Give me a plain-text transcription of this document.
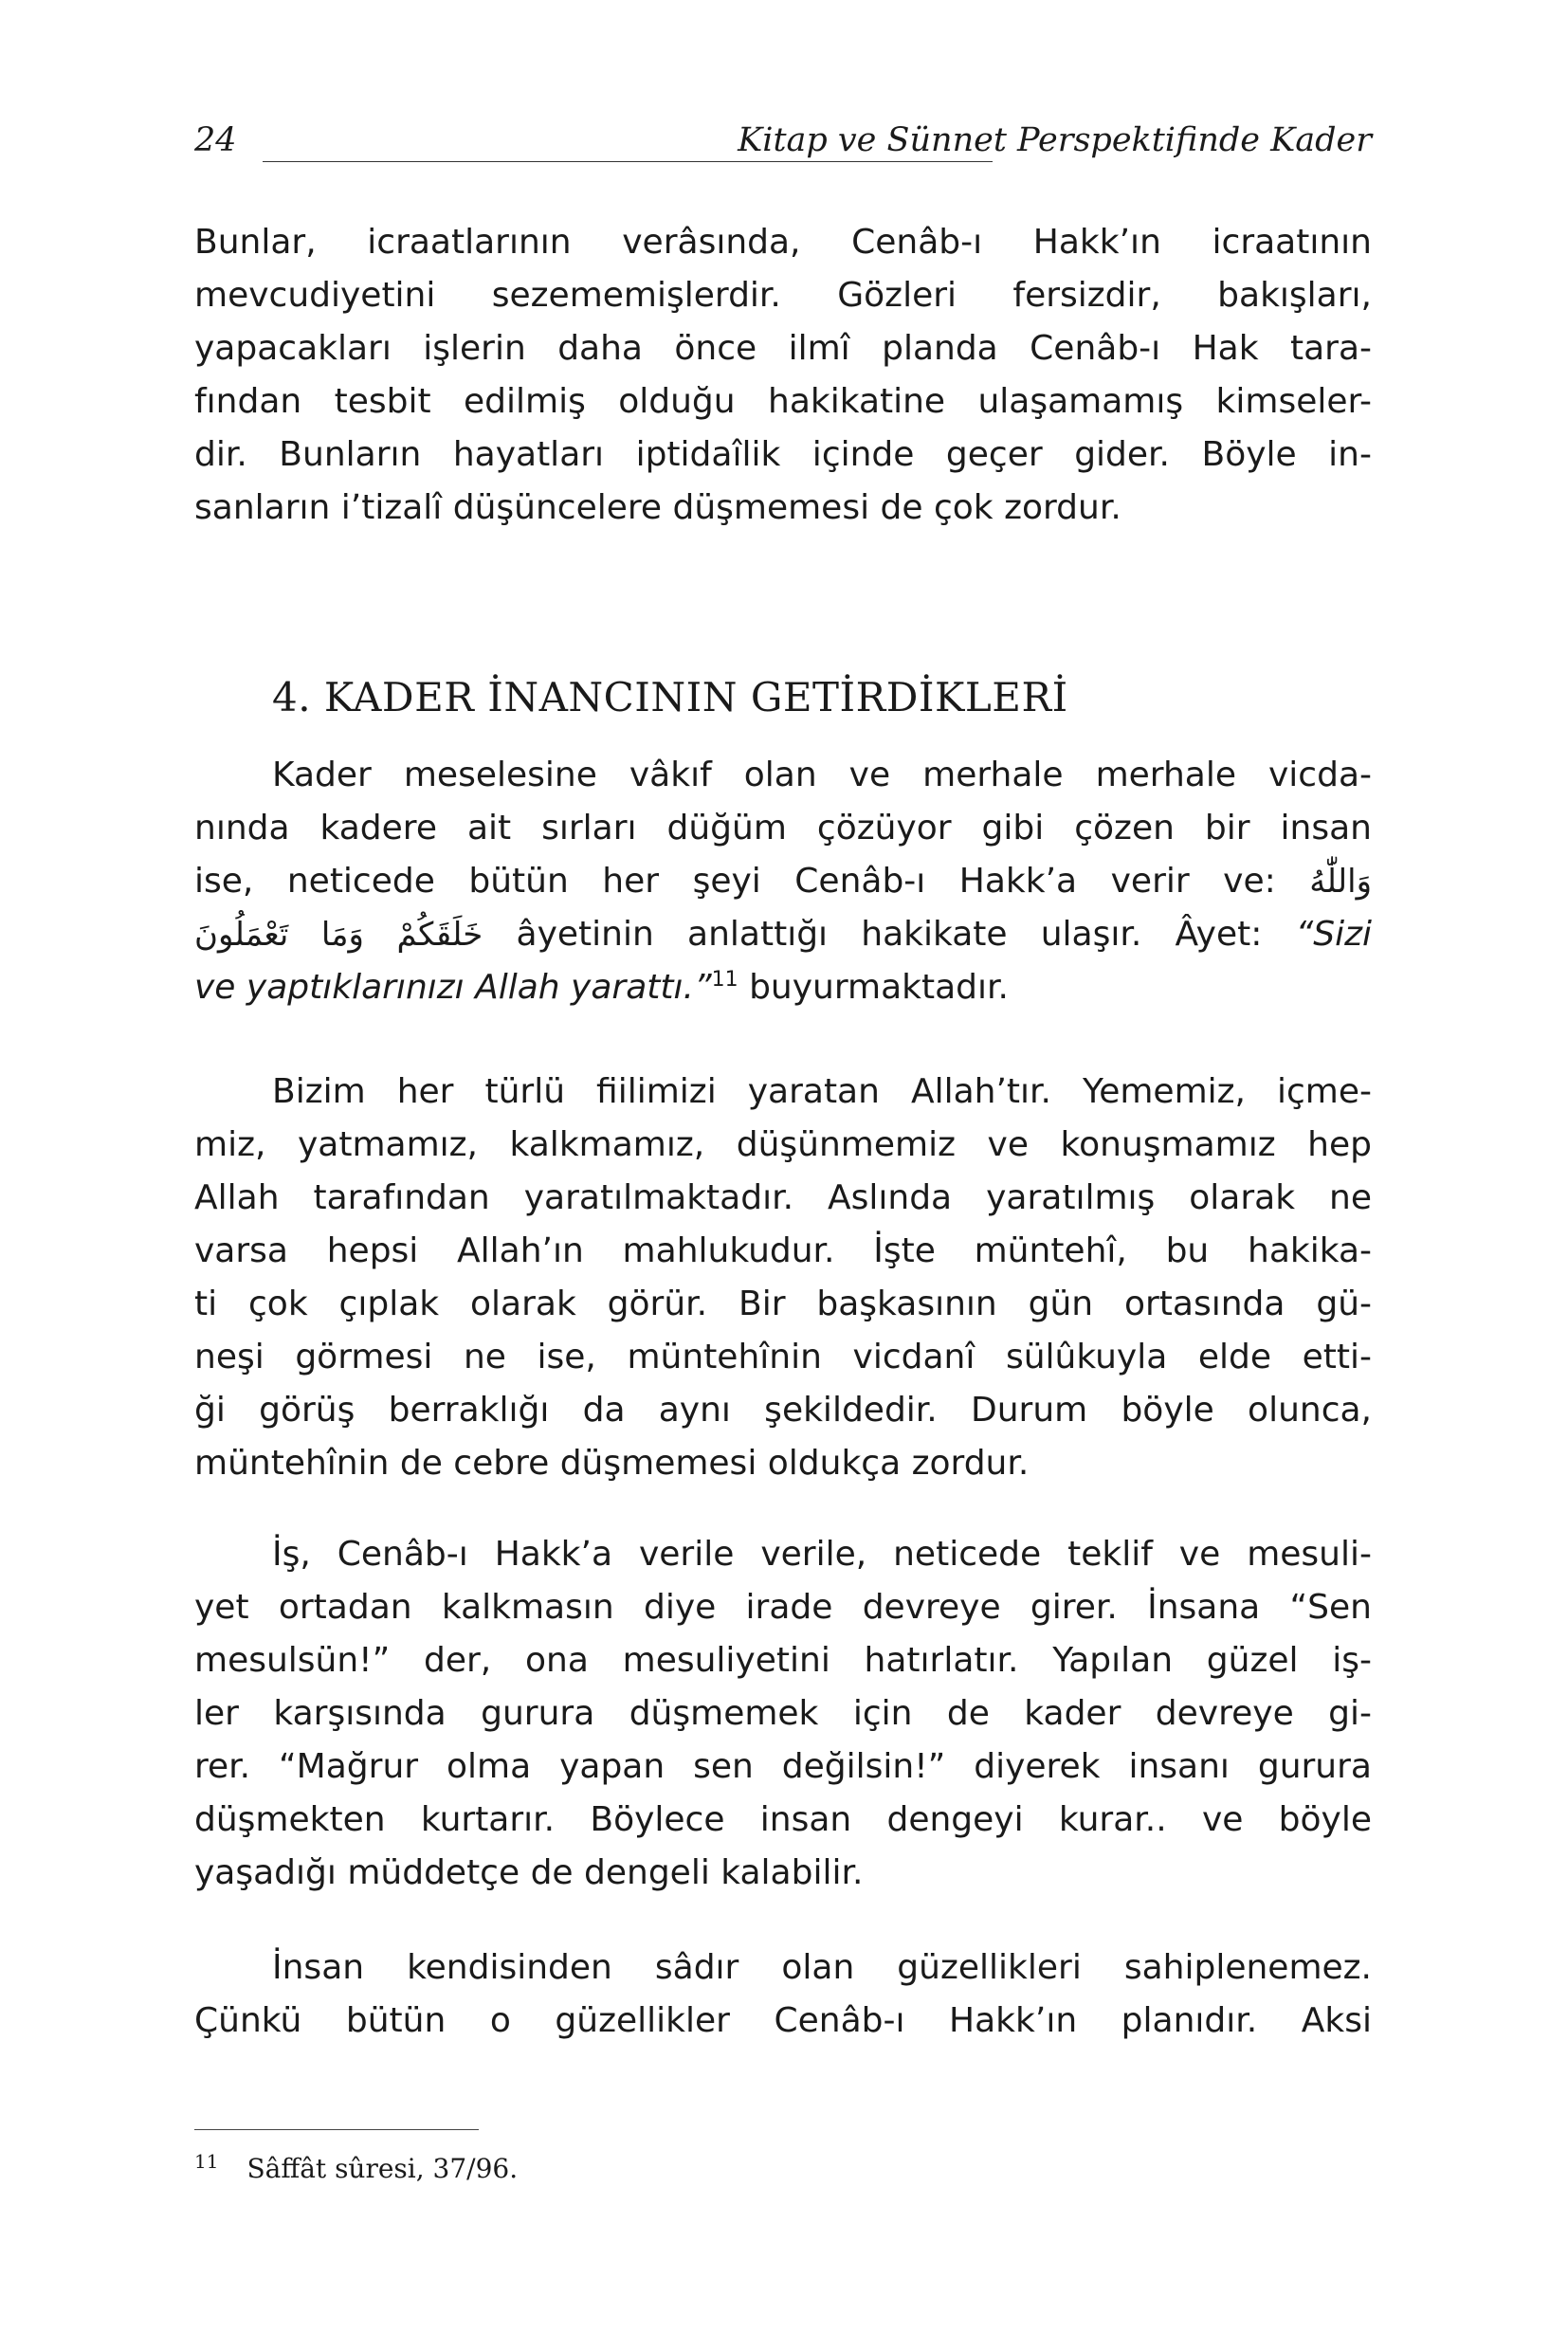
24	Kitap ve Sünnet Perspektifinde Kader
Bunlar, icraatlarının verâsında, Cenâb-ı Hakk’ın icraatının
mevcudiyetini sezememişlerdir. Gözleri fersizdir, bakışları,
yapacakları işlerin daha önce ilmî planda Cenâb-ı Hak tara-
fından tesbit edilmiş olduğu hakikatine ulaşamamış kimseler-
dir. Bunların hayatları iptidaîlik içinde geçer gider. Böyle in-
sanların i’tizalî düşüncelere düşmemesi de çok zordur.
4. KADER İNANCININ GETİRDİKLERİ
Kader meselesine vâkıf olan ve merhale merhale vicda-
nında kadere ait sırları düğüm çözüyor gibi çözen bir insan
ise, neticede bütün her şeyi Cenâb-ı Hakk’a verir ve: وَاللّٰهُ
خَلَقَكُمْ وَمَا تَعْمَلُونَ âyetinin anlattığı hakikate ulaşır. Âyet: “Sizi
ve yaptıklarınızı Allah yarattı.”$^{11}$ buyurmaktadır.
Bizim her türlü fiilimizi yaratan Allah’tır. Yememiz, içme-
miz, yatmamız, kalkmamız, düşünmemiz ve konuşmamız hep
Allah tarafından yaratılmaktadır. Aslında yaratılmış olarak ne
varsa hepsi Allah’ın mahlukudur. İşte müntehî, bu hakika-
ti çok çıplak olarak görür. Bir başkasının gün ortasında gü-
neşi görmesi ne ise, müntehînin vicdanî sülûkuyla elde etti-
ği görüş berraklığı da aynı şekildedir. Durum böyle olunca,
müntehînin de cebre düşmemesi oldukça zordur.
İş, Cenâb-ı Hakk’a verile verile, neticede teklif ve mesuli-
yet ortadan kalkmasın diye irade devreye girer. İnsana “Sen
mesulsün!” der, ona mesuliyetini hatırlatır. Yapılan güzel iş-
ler karşısında gurura düşmemek için de kader devreye gi-
rer. “Mağrur olma yapan sen değilsin!” diyerek insanı gurura
düşmekten kurtarır. Böylece insan dengeyi kurar.. ve böyle
yaşadığı müddetçe de dengeli kalabilir.
İnsan kendisinden sâdır olan güzellikleri sahiplenemez.
Çünkü bütün o güzellikler Cenâb-ı Hakk’ın planıdır. Aksi
$^{11}$ Sâffât sûresi, 37/96.
